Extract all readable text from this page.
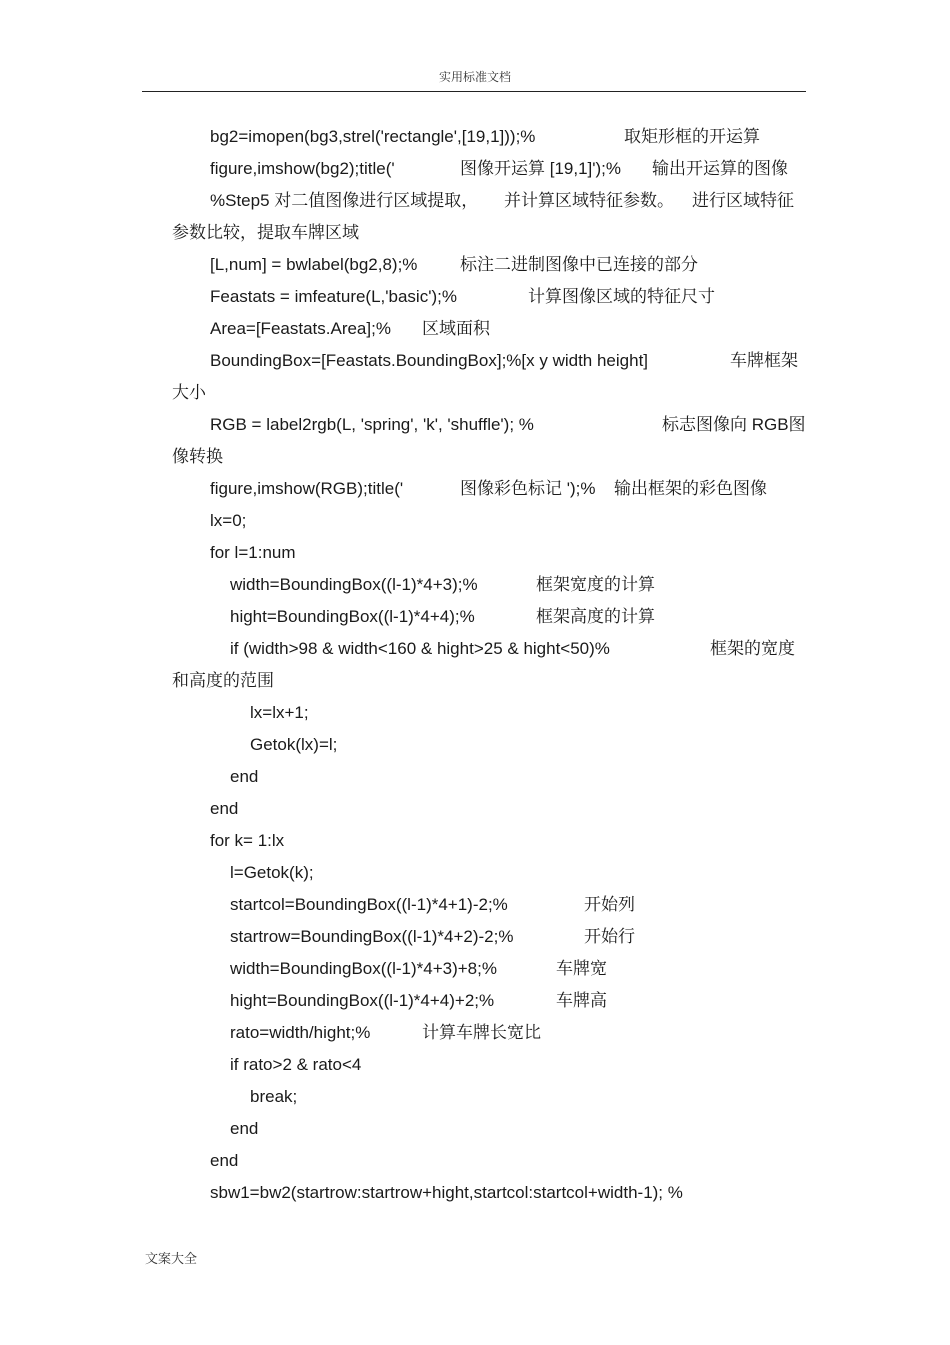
实用标准文档
bg2=imopen(bg3,strel('rectangle',[19,1]));%	取矩形框的开运算
figure,imshow(bg2);title('	图像开运算 [19,1]');% 输出开运算的图像
%Step5 对二值图像进行区域提取， 并计算区域特征参数。 进行区域特征
参数比较，提取车牌区域
[L,num] = bwlabel(bg2,8);%	标注二进制图像中已连接的部分
Feastats = imfeature(L,'basic');%	计算图像区域的特征尺寸
Area=[Feastats.Area];% 区域面积
BoundingBox=[Feastats.BoundingBox];%[x y width height]	车牌框架
大小
RGB = label2rgb(L, 'spring', 'k', 'shuffle'); %	标志图像向 RGB图
像转换
figure,imshow(RGB);title('	图像彩色标记 ');% 输出框架的彩色图像
lx=0;
for l=1:num
width=BoundingBox((l-1)*4+3);%	框架宽度的计算
hight=BoundingBox((l-1)*4+4);%	框架高度的计算
if (width>98 & width<160 & hight>25 & hight<50)%	框架的宽度
和高度的范围
lx=lx+1;
Getok(lx)=l;
end
end
for k= 1:lx
l=Getok(k);
startcol=BoundingBox((l-1)*4+1)-2;%	开始列
startrow=BoundingBox((l-1)*4+2)-2;%	开始行
width=BoundingBox((l-1)*4+3)+8;%	车牌宽
hight=BoundingBox((l-1)*4+4)+2;%	车牌高
rato=width/hight;%	计算车牌长宽比
if rato>2 & rato<4
break;
end
end
sbw1=bw2(startrow:startrow+hight,startcol:startcol+width-1); %
文案大全
